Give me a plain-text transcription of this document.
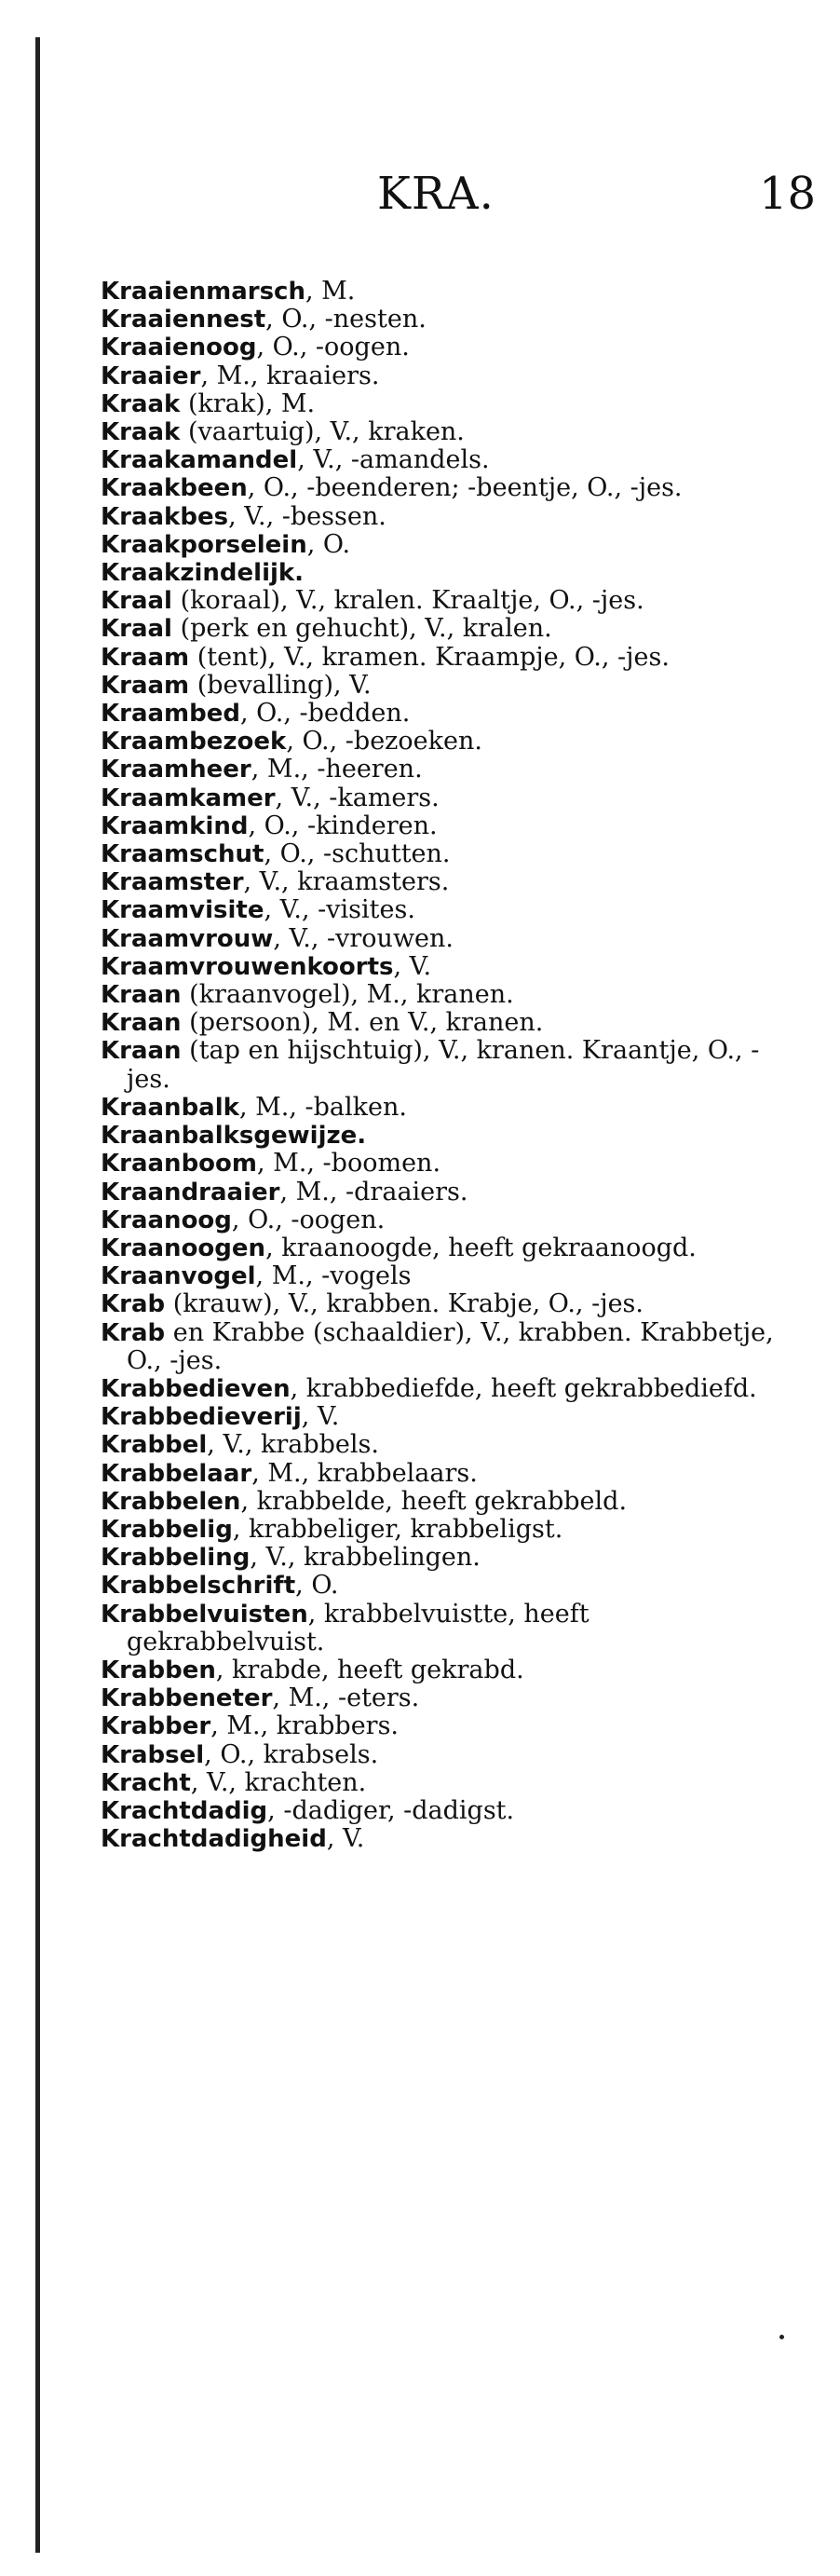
KRA.	18
Kraaienmarsch, M.
Kraaiennest, O., -nesten.
Kraaienoog, O., -oogen.
Kraaier, M., kraaiers.
Kraak (krak), M.
Kraak (vaartuig), V., kraken.
Kraakamandel, V., -amandels.
Kraakbeen, O., -beenderen; -beentje, O., -jes.
Kraakbes, V., -bessen.
Kraakporselein, O.
Kraakzindelijk.
Kraal (koraal), V., kralen. Kraaltje, O., -jes.
Kraal (perk en gehucht), V., kralen.
Kraam (tent), V., kramen. Kraampje, O., -jes.
Kraam (bevalling), V.
Kraambed, O., -bedden.
Kraambezoek, O., -bezoeken.
Kraamheer, M., -heeren.
Kraamkamer, V., -kamers.
Kraamkind, O., -kinderen.
Kraamschut, O., -schutten.
Kraamster, V., kraamsters.
Kraamvisite, V., -visites.
Kraamvrouw, V., -vrouwen.
Kraamvrouwenkoorts, V.
Kraan (kraanvogel), M., kranen.
Kraan (persoon), M. en V., kranen.
Kraan (tap en hijschtuig), V., kranen. Kraantje, O., -jes.
Kraanbalk, M., -balken.
Kraanbalksgewijze.
Kraanboom, M., -boomen.
Kraandraaier, M., -draaiers.
Kraanoog, O., -oogen.
Kraanoogen, kraanoogde, heeft gekraanoogd.
Kraanvogel, M., -vogels
Krab (krauw), V., krabben. Krabje, O., -jes.
Krab en Krabbe (schaaldier), V., krabben. Krabbetje, O., -jes.
Krabbedieven, krabbediefde, heeft gekrabbediefd.
Krabbedieverij, V.
Krabbel, V., krabbels.
Krabbelaar, M., krabbelaars.
Krabbelen, krabbelde, heeft gekrabbeld.
Krabbelig, krabbeliger, krabbeligst.
Krabbeling, V., krabbelingen.
Krabbelschrift, O.
Krabbelvuisten, krabbelvuistte, heeft gekrabbelvuist.
Krabben, krabde, heeft gekrabd.
Krabbeneter, M., -eters.
Krabber, M., krabbers.
Krabsel, O., krabsels.
Kracht, V., krachten.
Krachtdadig, -dadiger, -dadigst.
Krachtdadigheid, V.
